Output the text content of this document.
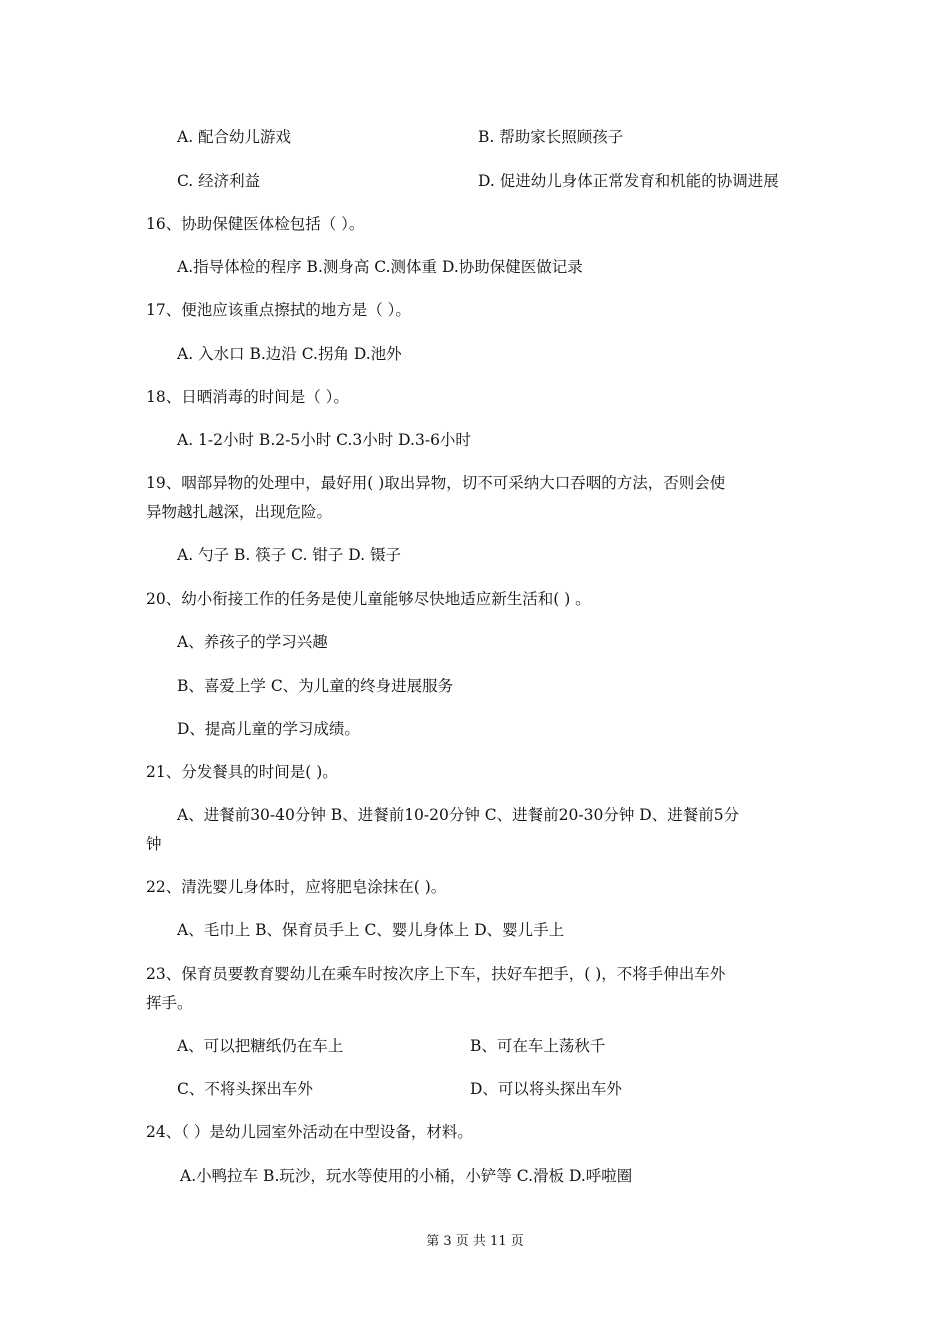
A. 配合幼儿游戏	B. 帮助家长照顾孩子
C. 经济利益	D. 促进幼儿身体正常发育和机能的协调进展
16、协助保健医体检包括（ ）。
A.指导体检的程序 B.测身高 C.测体重 D.协助保健医做记录
17、便池应该重点擦拭的地方是（ ）。
A. 入水口 B.边沿 C.拐角 D.池外
18、日晒消毒的时间是（ ）。
A. 1-2小时 B.2-5小时 C.3小时 D.3-6小时
19、咽部异物的处理中，最好用( )取出异物，切不可采纳大口吞咽的方法，否则会使
异物越扎越深，出现危险。
A. 勺子 B. 筷子 C. 钳子 D. 镊子
20、幼小衔接工作的任务是使儿童能够尽快地适应新生活和( ) 。
A、养孩子的学习兴趣
B、喜爱上学 C、为儿童的终身进展服务
D、提高儿童的学习成绩。
21、分发餐具的时间是( )。
A、进餐前30-40分钟 B、进餐前10-20分钟 C、进餐前20-30分钟 D、进餐前5分
钟
22、清洗婴儿身体时，应将肥皂涂抹在( )。
A、毛巾上 B、保育员手上 C、婴儿身体上 D、婴儿手上
23、保育员要教育婴幼儿在乘车时按次序上下车，扶好车把手，( )，不将手伸出车外
挥手。
A、可以把糖纸仍在车上	B、可在车上荡秋千
C、不将头探出车外	D、可以将头探出车外
24、（ ）是幼儿园室外活动在中型设备，材料。
A.小鸭拉车 B.玩沙，玩水等使用的小桶，小铲等 C.滑板 D.呼啦圈
第 3 页 共 11 页
